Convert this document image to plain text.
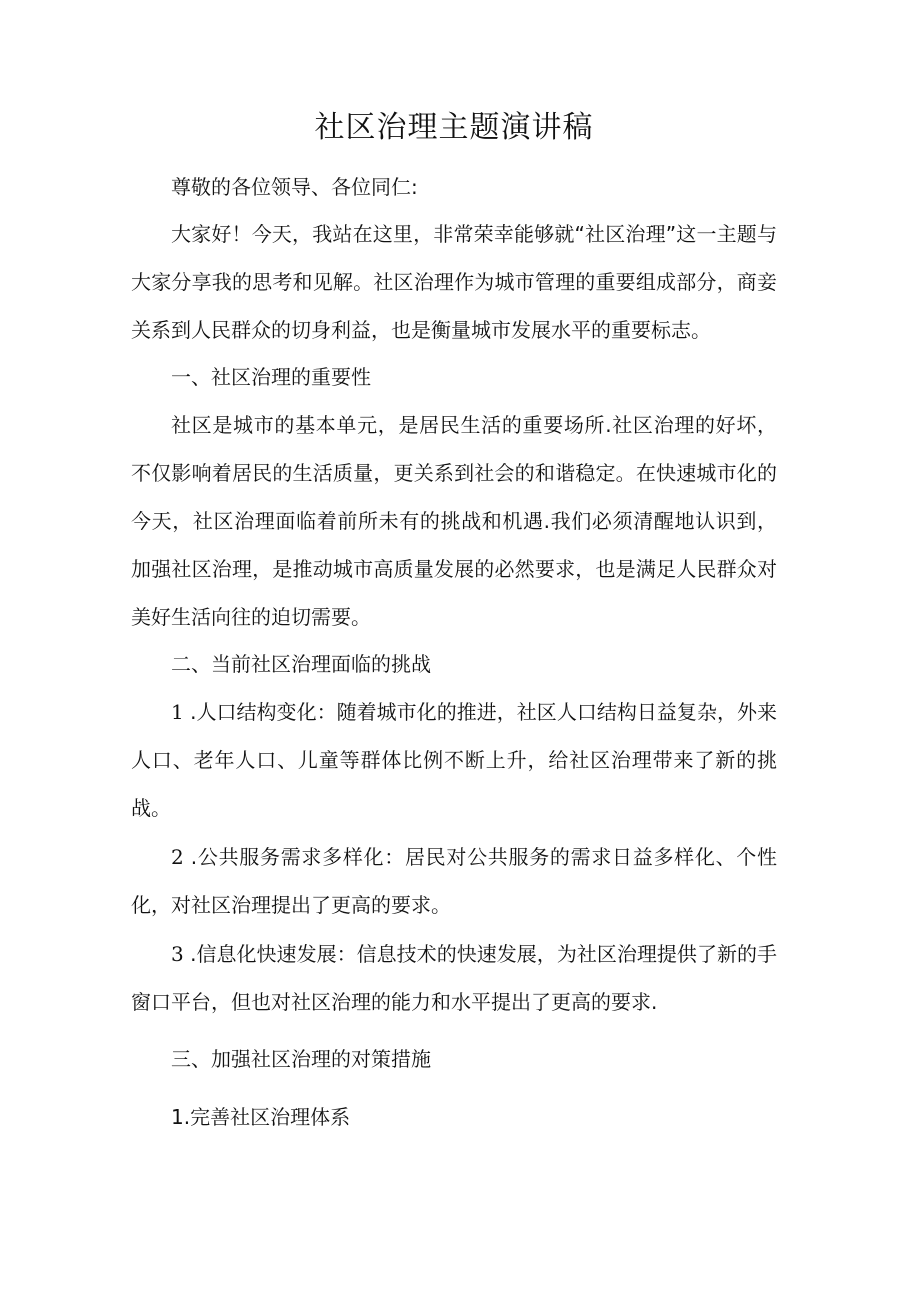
社区治理主题演讲稿

尊敬的各位领导、各位同仁:

大家好！今天，我站在这里，非常荣幸能够就“社区治理”这一主题与大家分享我的思考和见解。社区治理作为城市管理的重要组成部分，商妾关系到人民群众的切身利益，也是衡量城市发展水平的重要标志。

一、社区治理的重要性

社区是城市的基本单元，是居民生活的重要场所.社区治理的好坏，不仅影响着居民的生活质量，更关系到社会的和谐稳定。在快速城市化的今天，社区治理面临着前所未有的挑战和机遇.我们必须清醒地认识到，加强社区治理，是推动城市高质量发展的必然要求，也是满足人民群众对美好生活向往的迫切需要。

二、当前社区治理面临的挑战

1 .人口结构变化：随着城市化的推进，社区人口结构日益复杂，外来人口、老年人口、儿童等群体比例不断上升，给社区治理带来了新的挑战。

2 .公共服务需求多样化：居民对公共服务的需求日益多样化、个性化，对社区治理提出了更高的要求。

3 .信息化快速发展：信息技术的快速发展，为社区治理提供了新的手窗口平台，但也对社区治理的能力和水平提出了更高的要求.

三、加强社区治理的对策措施

1.完善社区治理体系
